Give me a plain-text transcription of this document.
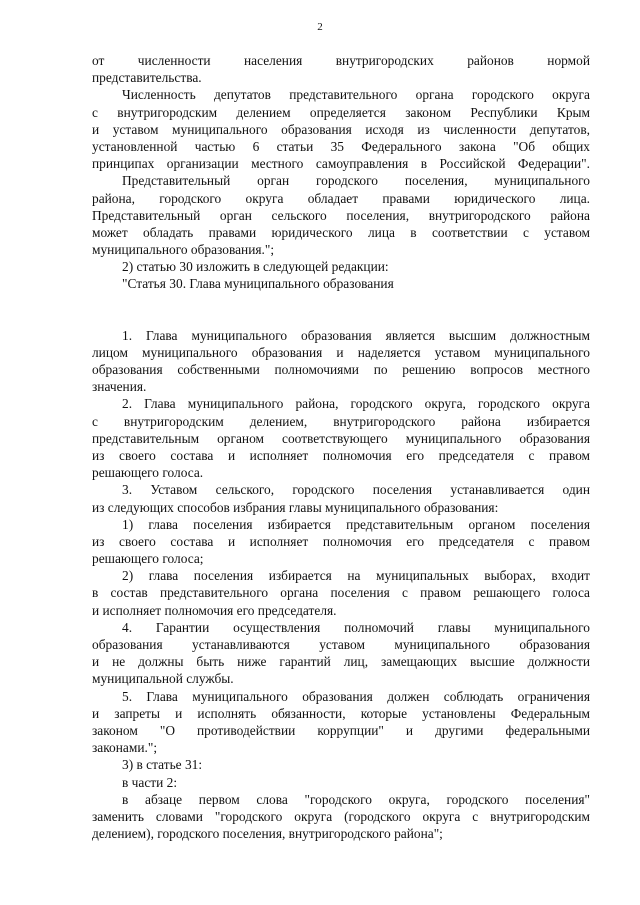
2
от численности населения внутригородских районов нормой
представительства.
Численность депутатов представительного органа городского округа
с внутригородским делением определяется законом Республики Крым
и уставом муниципального образования исходя из численности депутатов,
установленной частью 6 статьи 35 Федерального закона "Об общих
принципах организации местного самоуправления в Российской Федерации".
Представительный орган городского поселения, муниципального
района, городского округа обладает правами юридического лица.
Представительный орган сельского поселения, внутригородского района
может обладать правами юридического лица в соответствии с уставом
муниципального образования.";
2) статью 30 изложить в следующей редакции:
"Статья 30. Глава муниципального образования
1. Глава муниципального образования является высшим должностным
лицом муниципального образования и наделяется уставом муниципального
образования собственными полномочиями по решению вопросов местного
значения.
2. Глава муниципального района, городского округа, городского округа
с внутригородским делением, внутригородского района избирается
представительным органом соответствующего муниципального образования
из своего состава и исполняет полномочия его председателя с правом
решающего голоса.
3. Уставом сельского, городского поселения устанавливается один
из следующих способов избрания главы муниципального образования:
1) глава поселения избирается представительным органом поселения
из своего состава и исполняет полномочия его председателя с правом
решающего голоса;
2) глава поселения избирается на муниципальных выборах, входит
в состав представительного органа поселения с правом решающего голоса
и исполняет полномочия его председателя.
4. Гарантии осуществления полномочий главы муниципального
образования устанавливаются уставом муниципального образования
и не должны быть ниже гарантий лиц, замещающих высшие должности
муниципальной службы.
5. Глава муниципального образования должен соблюдать ограничения
и запреты и исполнять обязанности, которые установлены Федеральным
законом "О противодействии коррупции" и другими федеральными
законами.";
3) в статье 31:
в части 2:
в абзаце первом слова "городского округа, городского поселения"
заменить словами "городского округа (городского округа с внутригородским
делением), городского поселения, внутригородского района";
